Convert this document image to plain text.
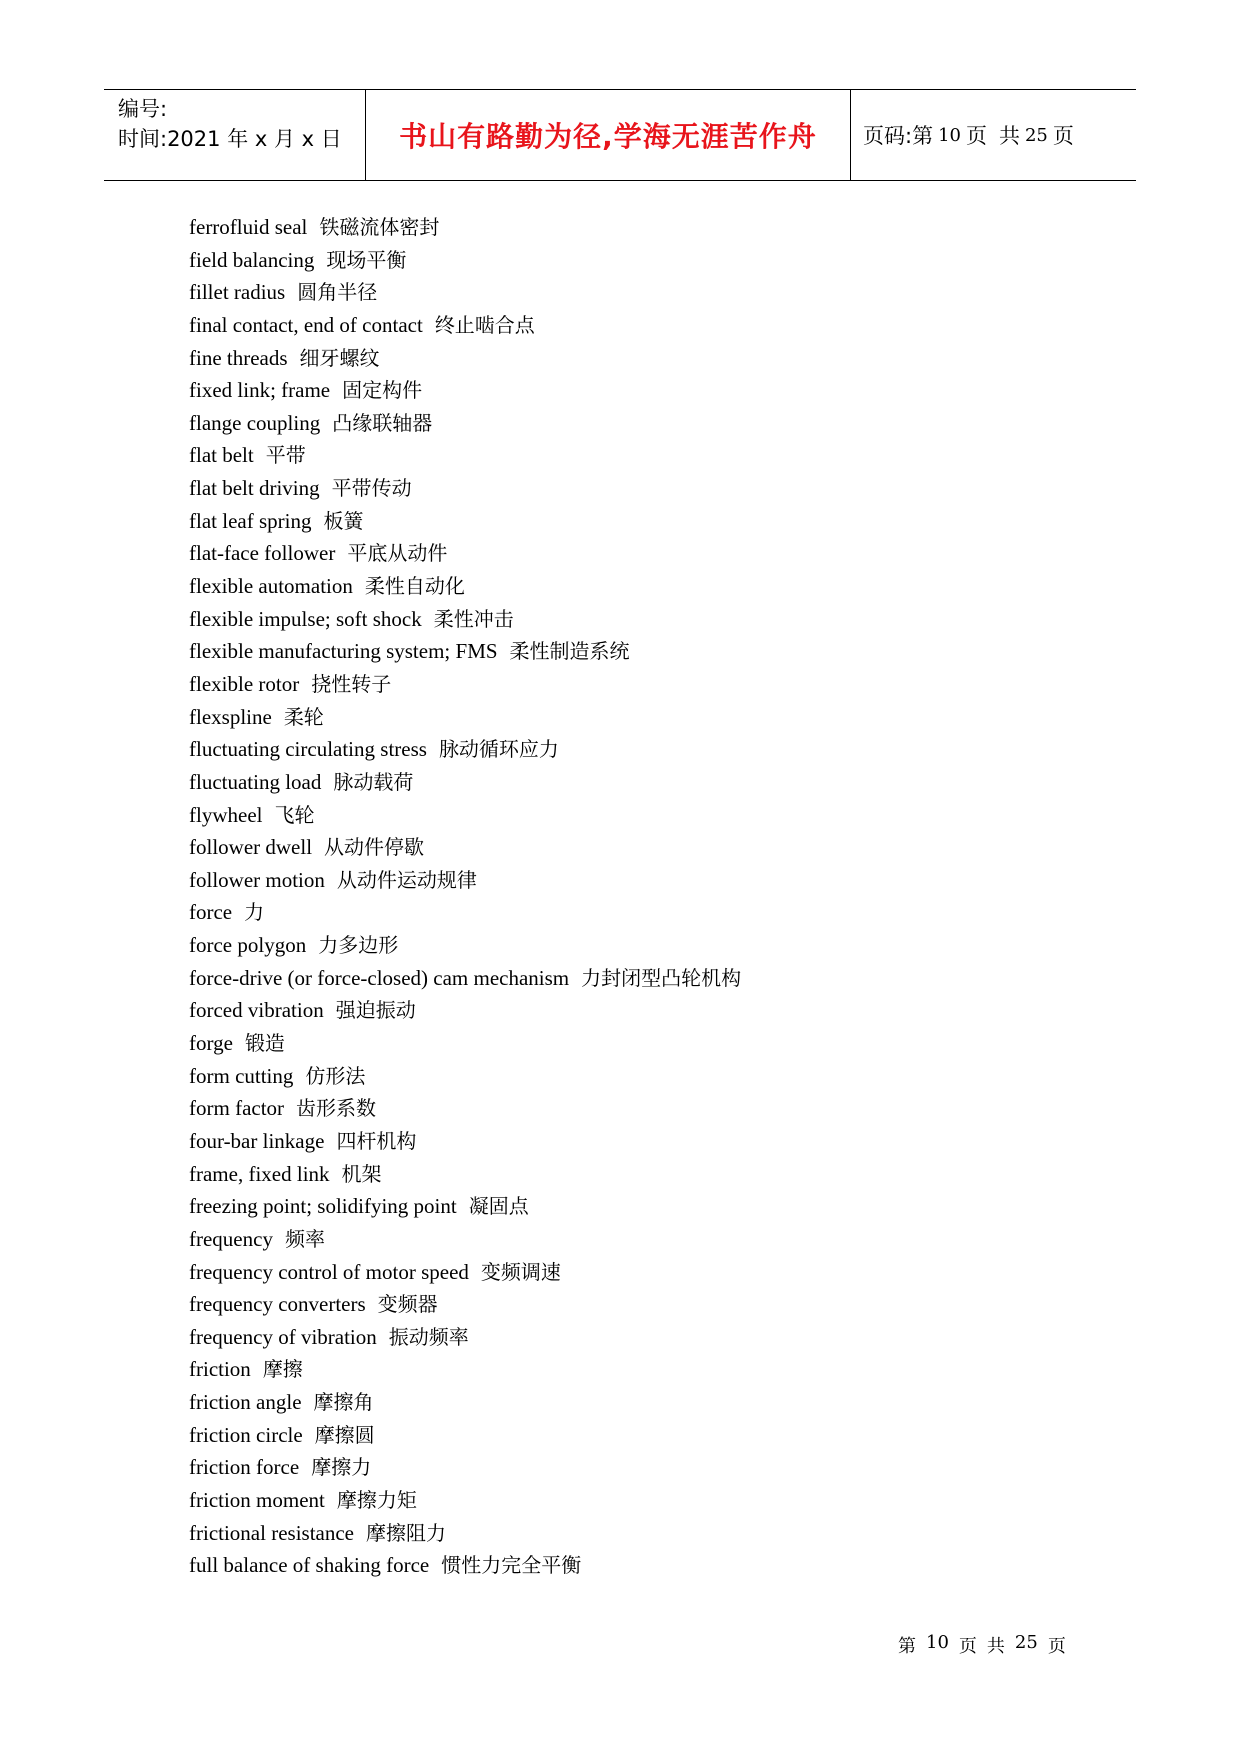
编号:
时间:2021 年 x 月 x 日	书山有路勤为径,学海无涯苦作舟 页码:第 10 页 共 25 页
ferrofluid seal 铁磁流体密封
field balancing 现场平衡
fillet radius 圆角半径
final contact, end of contact 终止啮合点
fine threads 细牙螺纹
fixed link; frame 固定构件
flange coupling 凸缘联轴器
flat belt 平带
flat belt driving 平带传动
flat leaf spring 板簧
flat-face follower 平底从动件
flexible automation 柔性自动化
flexible impulse; soft shock 柔性冲击
flexible manufacturing system; FMS 柔性制造系统
flexible rotor 挠性转子
flexspline 柔轮
fluctuating circulating stress 脉动循环应力
fluctuating load 脉动载荷
flywheel 飞轮
follower dwell 从动件停歇
follower motion 从动件运动规律
force 力
force polygon 力多边形
force-drive (or force-closed) cam mechanism 力封闭型凸轮机构
forced vibration 强迫振动
forge 锻造
form cutting 仿形法
form factor 齿形系数
four-bar linkage 四杆机构
frame, fixed link 机架
freezing point; solidifying point 凝固点
frequency 频率
frequency control of motor speed 变频调速
frequency converters 变频器
frequency of vibration 振动频率
friction 摩擦
friction angle 摩擦角
friction circle 摩擦圆
friction force 摩擦力
friction moment 摩擦力矩
frictional resistance 摩擦阻力
full balance of shaking force 惯性力完全平衡
第 10 页 共 25 页
